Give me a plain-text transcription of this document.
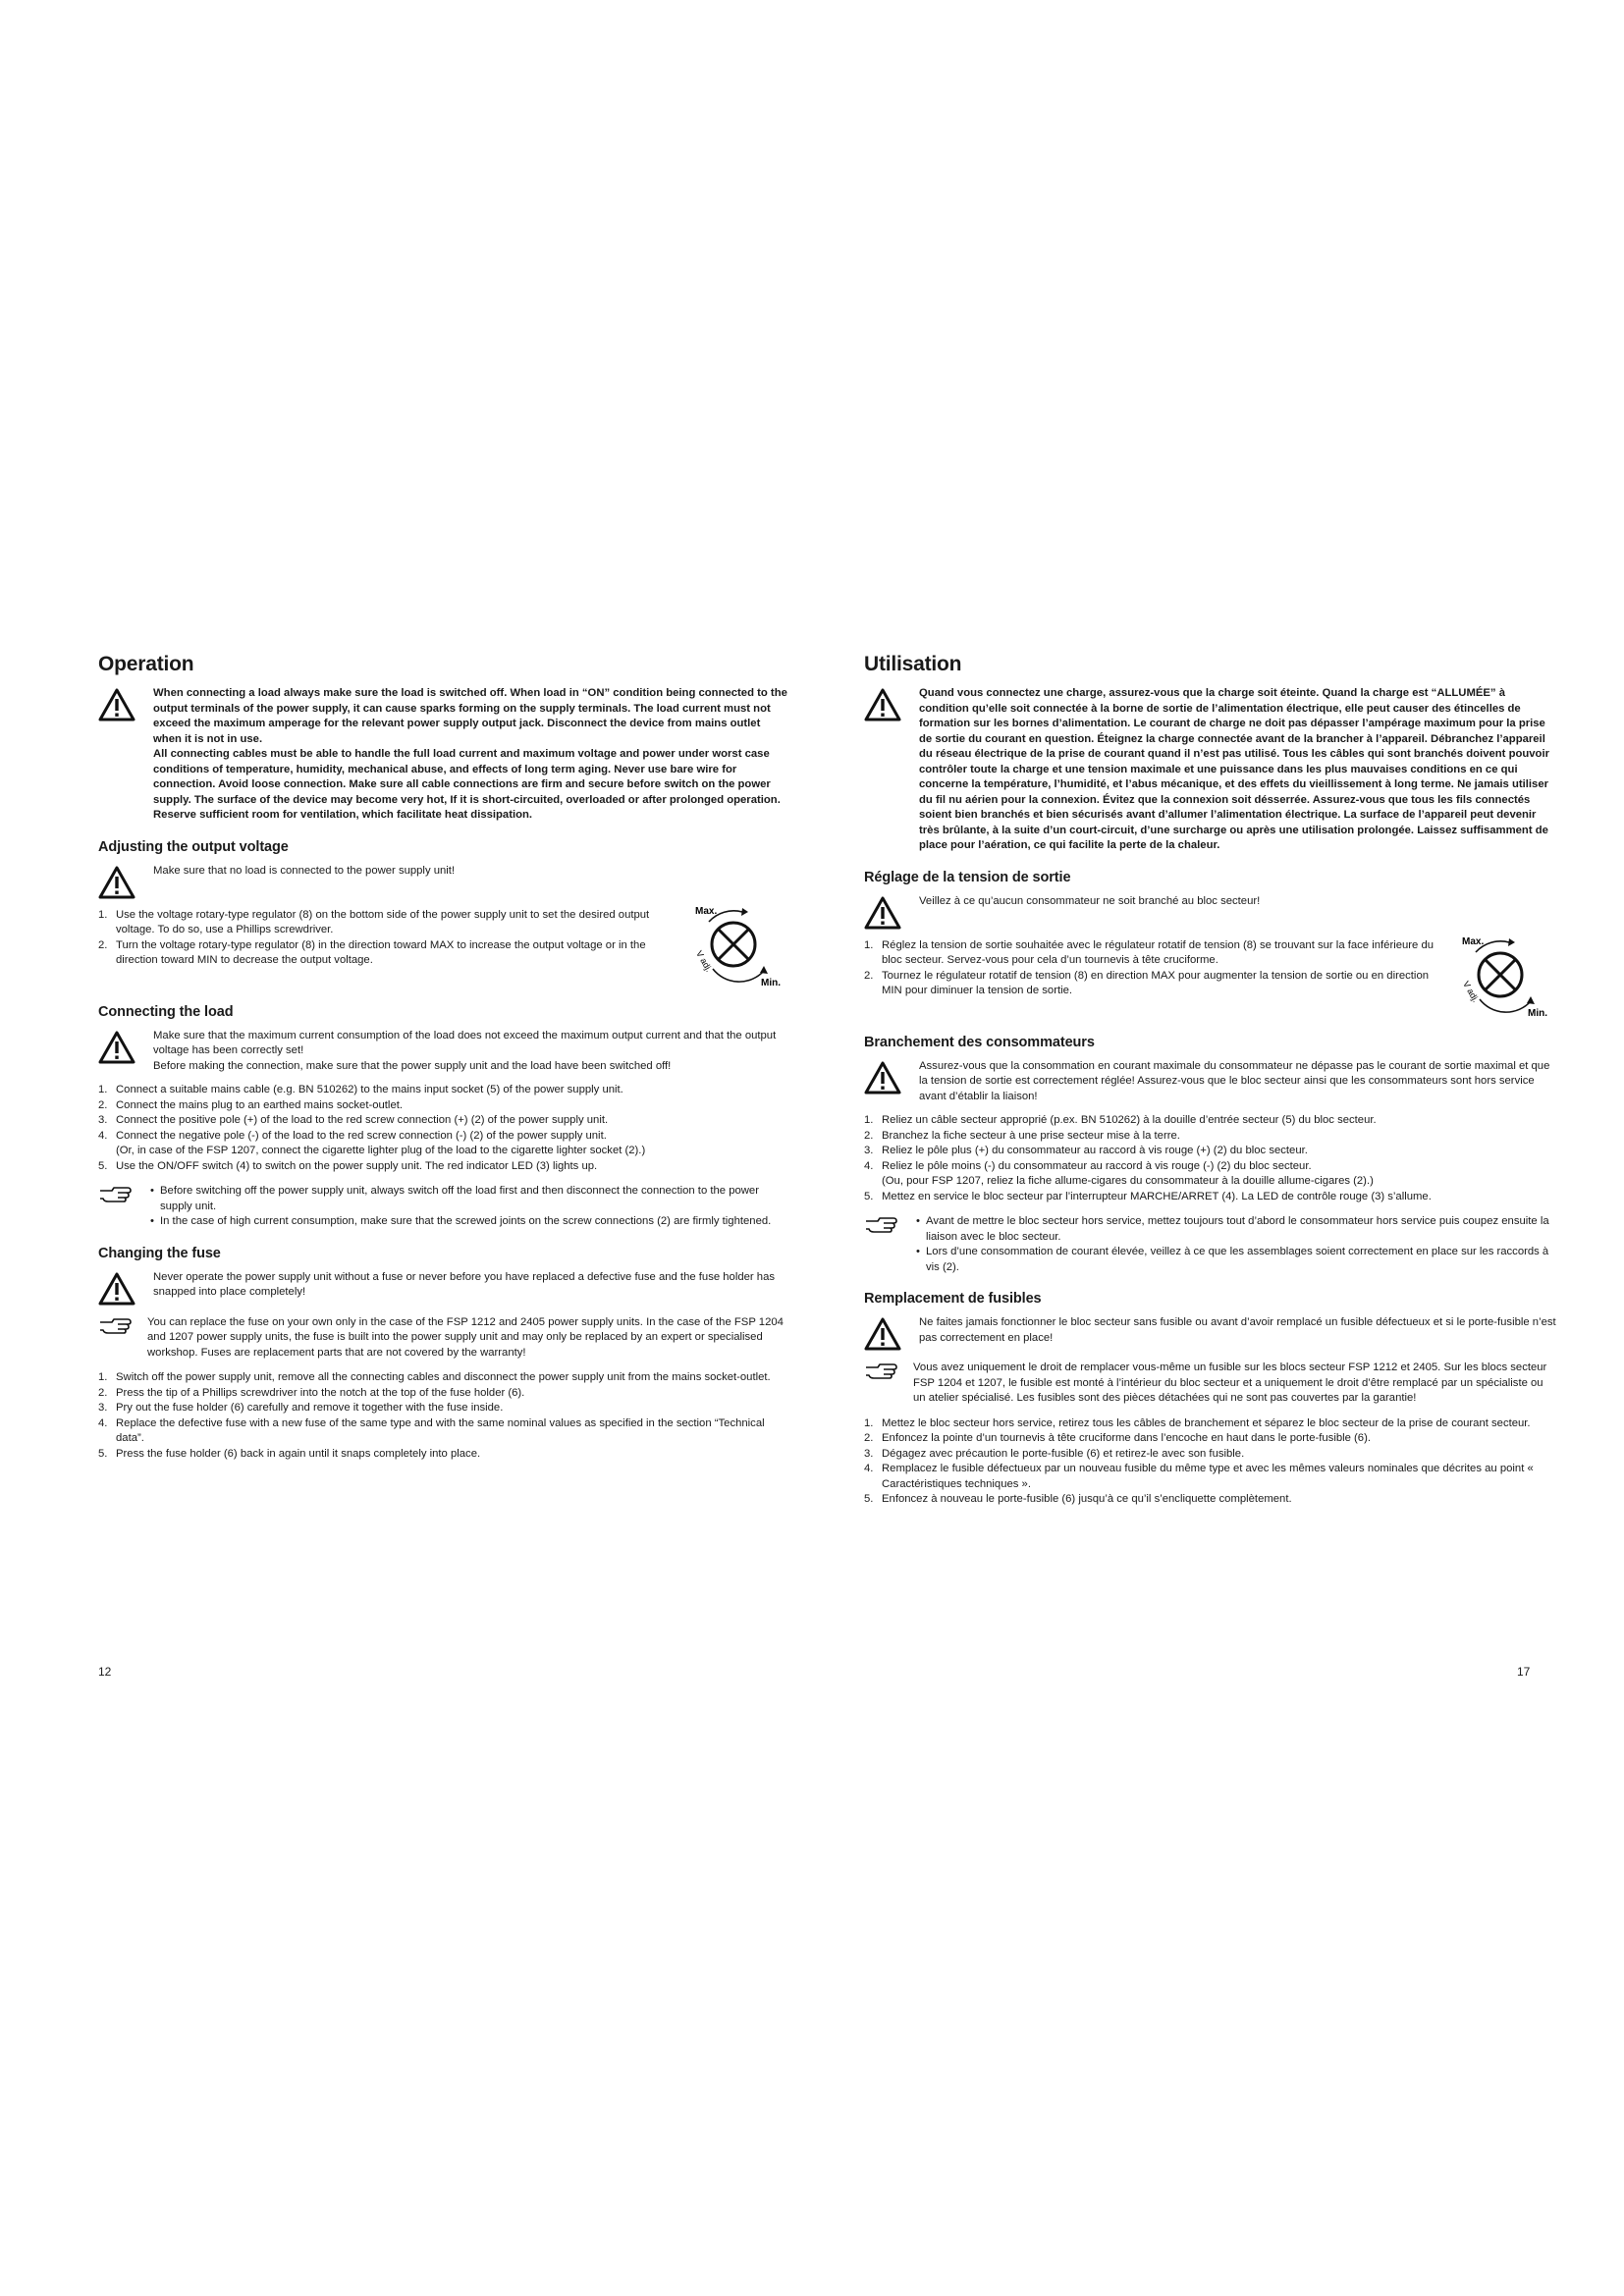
Operation

When connecting a load always make sure the load is switched off. When load in “ON” condition being connected to the output terminals of the power supply, it can cause sparks forming on the supply terminals. The load current must not exceed the maximum amperage for the relevant power supply output jack. Disconnect the device from mains outlet when it is not in use.

All connecting cables must be able to handle the full load current and maximum voltage and power under worst case conditions of temperature, humidity, mechanical abuse, and effects of long term aging. Never use bare wire for connection. Avoid loose connection. Make sure all cable connections are firm and secure before switch on the power supply. The surface of the device may become very hot, If it is short-circuited, overloaded or after prolonged operation. Reserve sufficient room for ventilation, which facilitate heat dissipation.

Adjusting the output voltage

Make sure that no load is connected to the power supply unit!

1. Use the voltage rotary-type regulator (8) on the bottom side of the power supply unit to set the desired output voltage. To do so, use a Phillips screwdriver.
2. Turn the voltage rotary-type regulator (8) in the direction toward MAX to increase the output voltage or in the direction toward MIN to decrease the output voltage.
Max.
Min.
V adj.
Connecting the load

Make sure that the maximum current consumption of the load does not exceed the maximum output current and that the output voltage has been correctly set!

Before making the connection, make sure that the power supply unit and the load have been switched off!

1. Connect a suitable mains cable (e.g. BN 510262) to the mains input socket (5) of the power supply unit.
2. Connect the mains plug to an earthed mains socket-outlet.
3. Connect the positive pole (+) of the load to the red screw connection (+) (2) of the power supply unit.
4. Connect the negative pole (-) of the load to the red screw connection (-) (2) of the power supply unit.
(Or, in case of the FSP 1207, connect the cigarette lighter plug of the load to the cigarette lighter socket (2).)
5. Use the ON/OFF switch (4) to switch on the power supply unit. The red indicator LED (3) lights up.
• Before switching off the power supply unit, always switch off the load first and then disconnect the connection to the power supply unit.
• In the case of high current consumption, make sure that the screwed joints on the screw connections (2) are firmly tightened.
Changing the fuse

Never operate the power supply unit without a fuse or never before you have replaced a defective fuse and the fuse holder has snapped into place completely!

You can replace the fuse on your own only in the case of the FSP 1212 and 2405 power supply units. In the case of the FSP 1204 and 1207 power supply units, the fuse is built into the power supply unit and may only be replaced by an expert or specialised workshop. Fuses are replacement parts that are not covered by the warranty!

1. Switch off the power supply unit, remove all the connecting cables and disconnect the power supply unit from the mains socket-outlet.
2. Press the tip of a Phillips screwdriver into the notch at the top of the fuse holder (6).
3. Pry out the fuse holder (6) carefully and remove it together with the fuse inside.
4. Replace the defective fuse with a new fuse of the same type and with the same nominal values as specified in the section “Technical data”.
5. Press the fuse holder (6) back in again until it snaps completely into place.
12
Utilisation

Quand vous connectez une charge, assurez-vous que la charge soit éteinte. Quand la charge est “ALLUMÉE” à condition qu’elle soit connectée à la borne de sortie de l’alimentation électrique, elle peut causer des étincelles de formation sur les bornes d’alimentation. Le courant de charge ne doit pas dépasser l’ampérage maximum pour la prise de sortie du courant en question. Éteignez la charge connectée avant de la brancher à l’appareil. Débranchez l’appareil du réseau électrique de la prise de courant quand il n’est pas utilisé. Tous les câbles qui sont branchés doivent pouvoir contrôler toute la charge et une tension maximale et une puissance dans les plus mauvaises conditions en ce qui concerne la température, l’humidité, et l’abus mécanique, et des effets du vieillissement à long terme. Ne jamais utiliser du fil nu aérien pour la connexion. Évitez que la connexion soit désserrée. Assurez-vous que tous les fils connectés soient bien branchés et bien sécurisés avant d’allumer l’alimentation électrique. La surface de l’appareil peut devenir très brûlante, à la suite d’un court-circuit, d’une surcharge ou après une utilisation prolongée. Laissez suffisamment de place pour l’aération, ce qui facilite la perte de la chaleur.

Réglage de la tension de sortie

Veillez à ce qu’aucun consommateur ne soit branché au bloc secteur!

1. Réglez la tension de sortie souhaitée avec le régulateur rotatif de tension (8) se trouvant sur la face inférieure du bloc secteur. Servez-vous pour cela d’un tournevis à tête cruciforme.
2. Tournez le régulateur rotatif de tension (8) en direction MAX pour augmenter la tension de sortie ou en direction MIN pour diminuer la tension de sortie.
Max.
Min.
V adj.
Branchement des consommateurs

Assurez-vous que la consommation en courant maximale du consommateur ne dépasse pas le courant de sortie maximal et que la tension de sortie est correctement réglée! Assurez-vous que le bloc secteur ainsi que les consommateurs sont hors service avant d’établir la liaison!

1. Reliez un câble secteur approprié (p.ex. BN 510262) à la douille d’entrée secteur (5) du bloc secteur.
2. Branchez la fiche secteur à une prise secteur mise à la terre.
3. Reliez le pôle plus (+) du consommateur au raccord à vis rouge (+) (2) du bloc secteur.
4. Reliez le pôle moins (-) du consommateur au raccord à vis rouge (-) (2) du bloc secteur.
(Ou, pour FSP 1207, reliez la fiche allume-cigares du consommateur à la douille allume-cigares (2).)
5. Mettez en service le bloc secteur par l’interrupteur MARCHE/ARRET (4). La LED de contrôle rouge (3) s’allume.
• Avant de mettre le bloc secteur hors service, mettez toujours tout d’abord le consommateur hors service puis coupez ensuite la liaison avec le bloc secteur.
• Lors d’une consommation de courant élevée, veillez à ce que les assemblages soient correctement en place sur les raccords à vis (2).
Remplacement de fusibles

Ne faites jamais fonctionner le bloc secteur sans fusible ou avant d’avoir remplacé un fusible défectueux et si le porte-fusible n’est pas correctement en place!

Vous avez uniquement le droit de remplacer vous-même un fusible sur les blocs secteur FSP 1212 et 2405. Sur les blocs secteur FSP 1204 et 1207, le fusible est monté à l’intérieur du bloc secteur et a uniquement le droit d’être remplacé par un spécialiste ou un atelier spécialisé. Les fusibles sont des pièces détachées qui ne sont pas couvertes par la garantie!

1. Mettez le bloc secteur hors service, retirez tous les câbles de branchement et séparez le bloc secteur de la prise de courant secteur.
2. Enfoncez la pointe d’un tournevis à tête cruciforme dans l’encoche en haut dans le porte-fusible (6).
3. Dégagez avec précaution le porte-fusible (6) et retirez-le avec son fusible.
4. Remplacez le fusible défectueux par un nouveau fusible du même type et avec les mêmes valeurs nominales que décrites au point « Caractéristiques techniques ».
5. Enfoncez à nouveau le porte-fusible (6) jusqu’à ce qu’il s’encliquette complètement.
17
